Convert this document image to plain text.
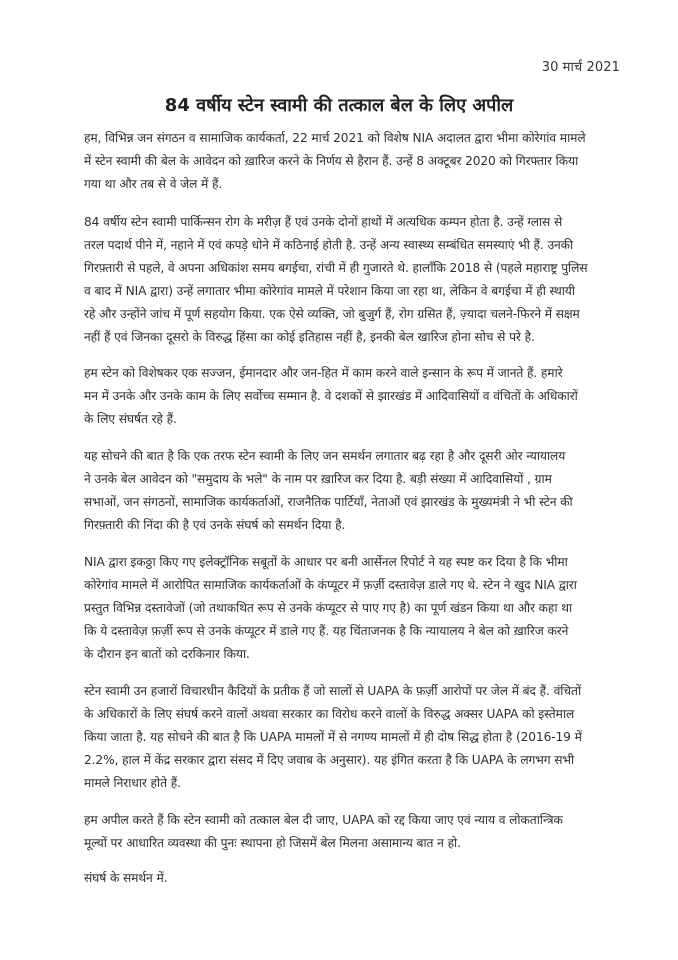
30 मार्च 2021
84 वर्षीय स्टेन स्वामी की तत्काल बेल के लिए अपील
हम, विभिन्न जन संगठन व सामाजिक कार्यकर्ता, 22 मार्च 2021 को विशेष NIA अदालत द्वारा भीमा कोरेगांव मामले
में स्टेन स्वामी की बेल के आवेदन को ख़ारिज करने के निर्णय से हैरान हैं. उन्हें 8 अक्टूबर 2020 को गिरफ्तार किया
गया था और तब से वे जेल में हैं.
84 वर्षीय स्टेन स्वामी पार्किन्सन रोग के मरीज़ हैं एवं उनके दोनों हाथों में अत्यधिक कम्पन होता है. उन्हें ग्लास से
तरल पदार्थ पीने में, नहाने में एवं कपड़े धोने में कठिनाई होती है. उन्हें अन्य स्वास्थ्य सम्बंधित समस्याएं भी हैं. उनकी
गिरफ़्तारी से पहले, वे अपना अधिकांश समय बगईचा, रांची में ही गुजारते थे. हालाँकि 2018 से (पहले महाराष्ट्र पुलिस
व बाद में NIA द्वारा) उन्हें लगातार भीमा कोरेगांव मामले में परेशान किया जा रहा था, लेकिन वे बगईचा में ही स्थायी
रहे और उन्होंने जांच में पूर्ण सहयोग किया. एक ऐसे व्यक्ति, जो बुजुर्ग हैं, रोग ग्रसित हैं, ज़्यादा चलने-फिरने में सक्षम
नहीं हैं एवं जिनका दूसरो के विरुद्ध हिंसा का कोई इतिहास नहीं है, इनकी बेल खारिज होना सोच से परे है.
हम स्टेन को विशेषकर एक सज्जन, ईमानदार और जन-हित में काम करने वाले इन्सान के रूप में जानते हैं. हमारे
मन में उनके और उनके काम के लिए सर्वोच्च सम्मान है. वे दशकों से झारखंड में आदिवासियों व वंचितों के अधिकारों
के लिए संघर्षत रहे हैं.
यह सोचने की बात है कि एक तरफ स्टेन स्वामी के लिए जन समर्थन लगातार बढ़ रहा है और दूसरी ओर न्यायालय
ने उनके बेल आवेदन को "समुदाय के भले" के नाम पर ख़ारिज कर दिया है. बड़ी संख्या में आदिवासियों , ग्राम
सभाओं, जन संगठनों, सामाजिक कार्यकर्ताओं, राजनैतिक पार्टियाँ, नेताओं एवं झारखंड के मुख्यमंत्री ने भी स्टेन की
गिरफ़्तारी की निंदा की है एवं उनके संघर्ष को समर्थन दिया है.
NIA द्वारा इकठ्ठा किए गए इलेक्ट्रॉनिक सबूतों के आधार पर बनी आर्सेनल रिपोर्ट ने यह स्पष्ट कर दिया है कि भीमा
कोरेगांव मामले में आरोपित सामाजिक कार्यकर्ताओं के कंप्यूटर में फ़र्ज़ी दस्तावेज़ डाले गए थे. स्टेन ने खुद NIA द्वारा
प्रस्तुत विभिन्न दस्तावेजों (जो तथाकथित रूप से उनके कंप्यूटर से पाए गए है) का पूर्ण खंडन किया था और कहा था
कि ये दस्तावेज़ फ़र्ज़ी रूप से उनके कंप्यूटर में डाले गए हैं. यह चिंताजनक है कि न्यायालय ने बेल को ख़ारिज करने
के दौरान इन बातों को दरकिनार किया.
स्टेन स्वामी उन हजारों विचारधीन कैदियों के प्रतीक हैं जो सालों से UAPA के फ़र्ज़ी आरोपों पर जेल में बंद हैं. वंचितों
के अधिकारों के लिए संघर्ष करने वालों अथवा सरकार का विरोध करने वालों के विरुद्ध अक्सर UAPA को इस्तेमाल
किया जाता है. यह सोचने की बात है कि UAPA मामलों में से नगण्य मामलों में ही दोष सिद्ध होता है (2016-19 में
2.2%, हाल में केंद्र सरकार द्वारा संसद में दिए जवाब के अनुसार). यह इंगित करता है कि UAPA के लगभग सभी
मामले निराधार होते हैं.
हम अपील करते हैं कि स्टेन स्वामी को तत्काल बेल दी जाए, UAPA को रद्द किया जाए एवं न्याय व लोकतान्त्रिक
मूल्यों पर आधारित व्यवस्था की पुनः स्थापना हो जिसमें बेल मिलना असामान्य बात न हो.
संघर्ष के समर्थन में.
